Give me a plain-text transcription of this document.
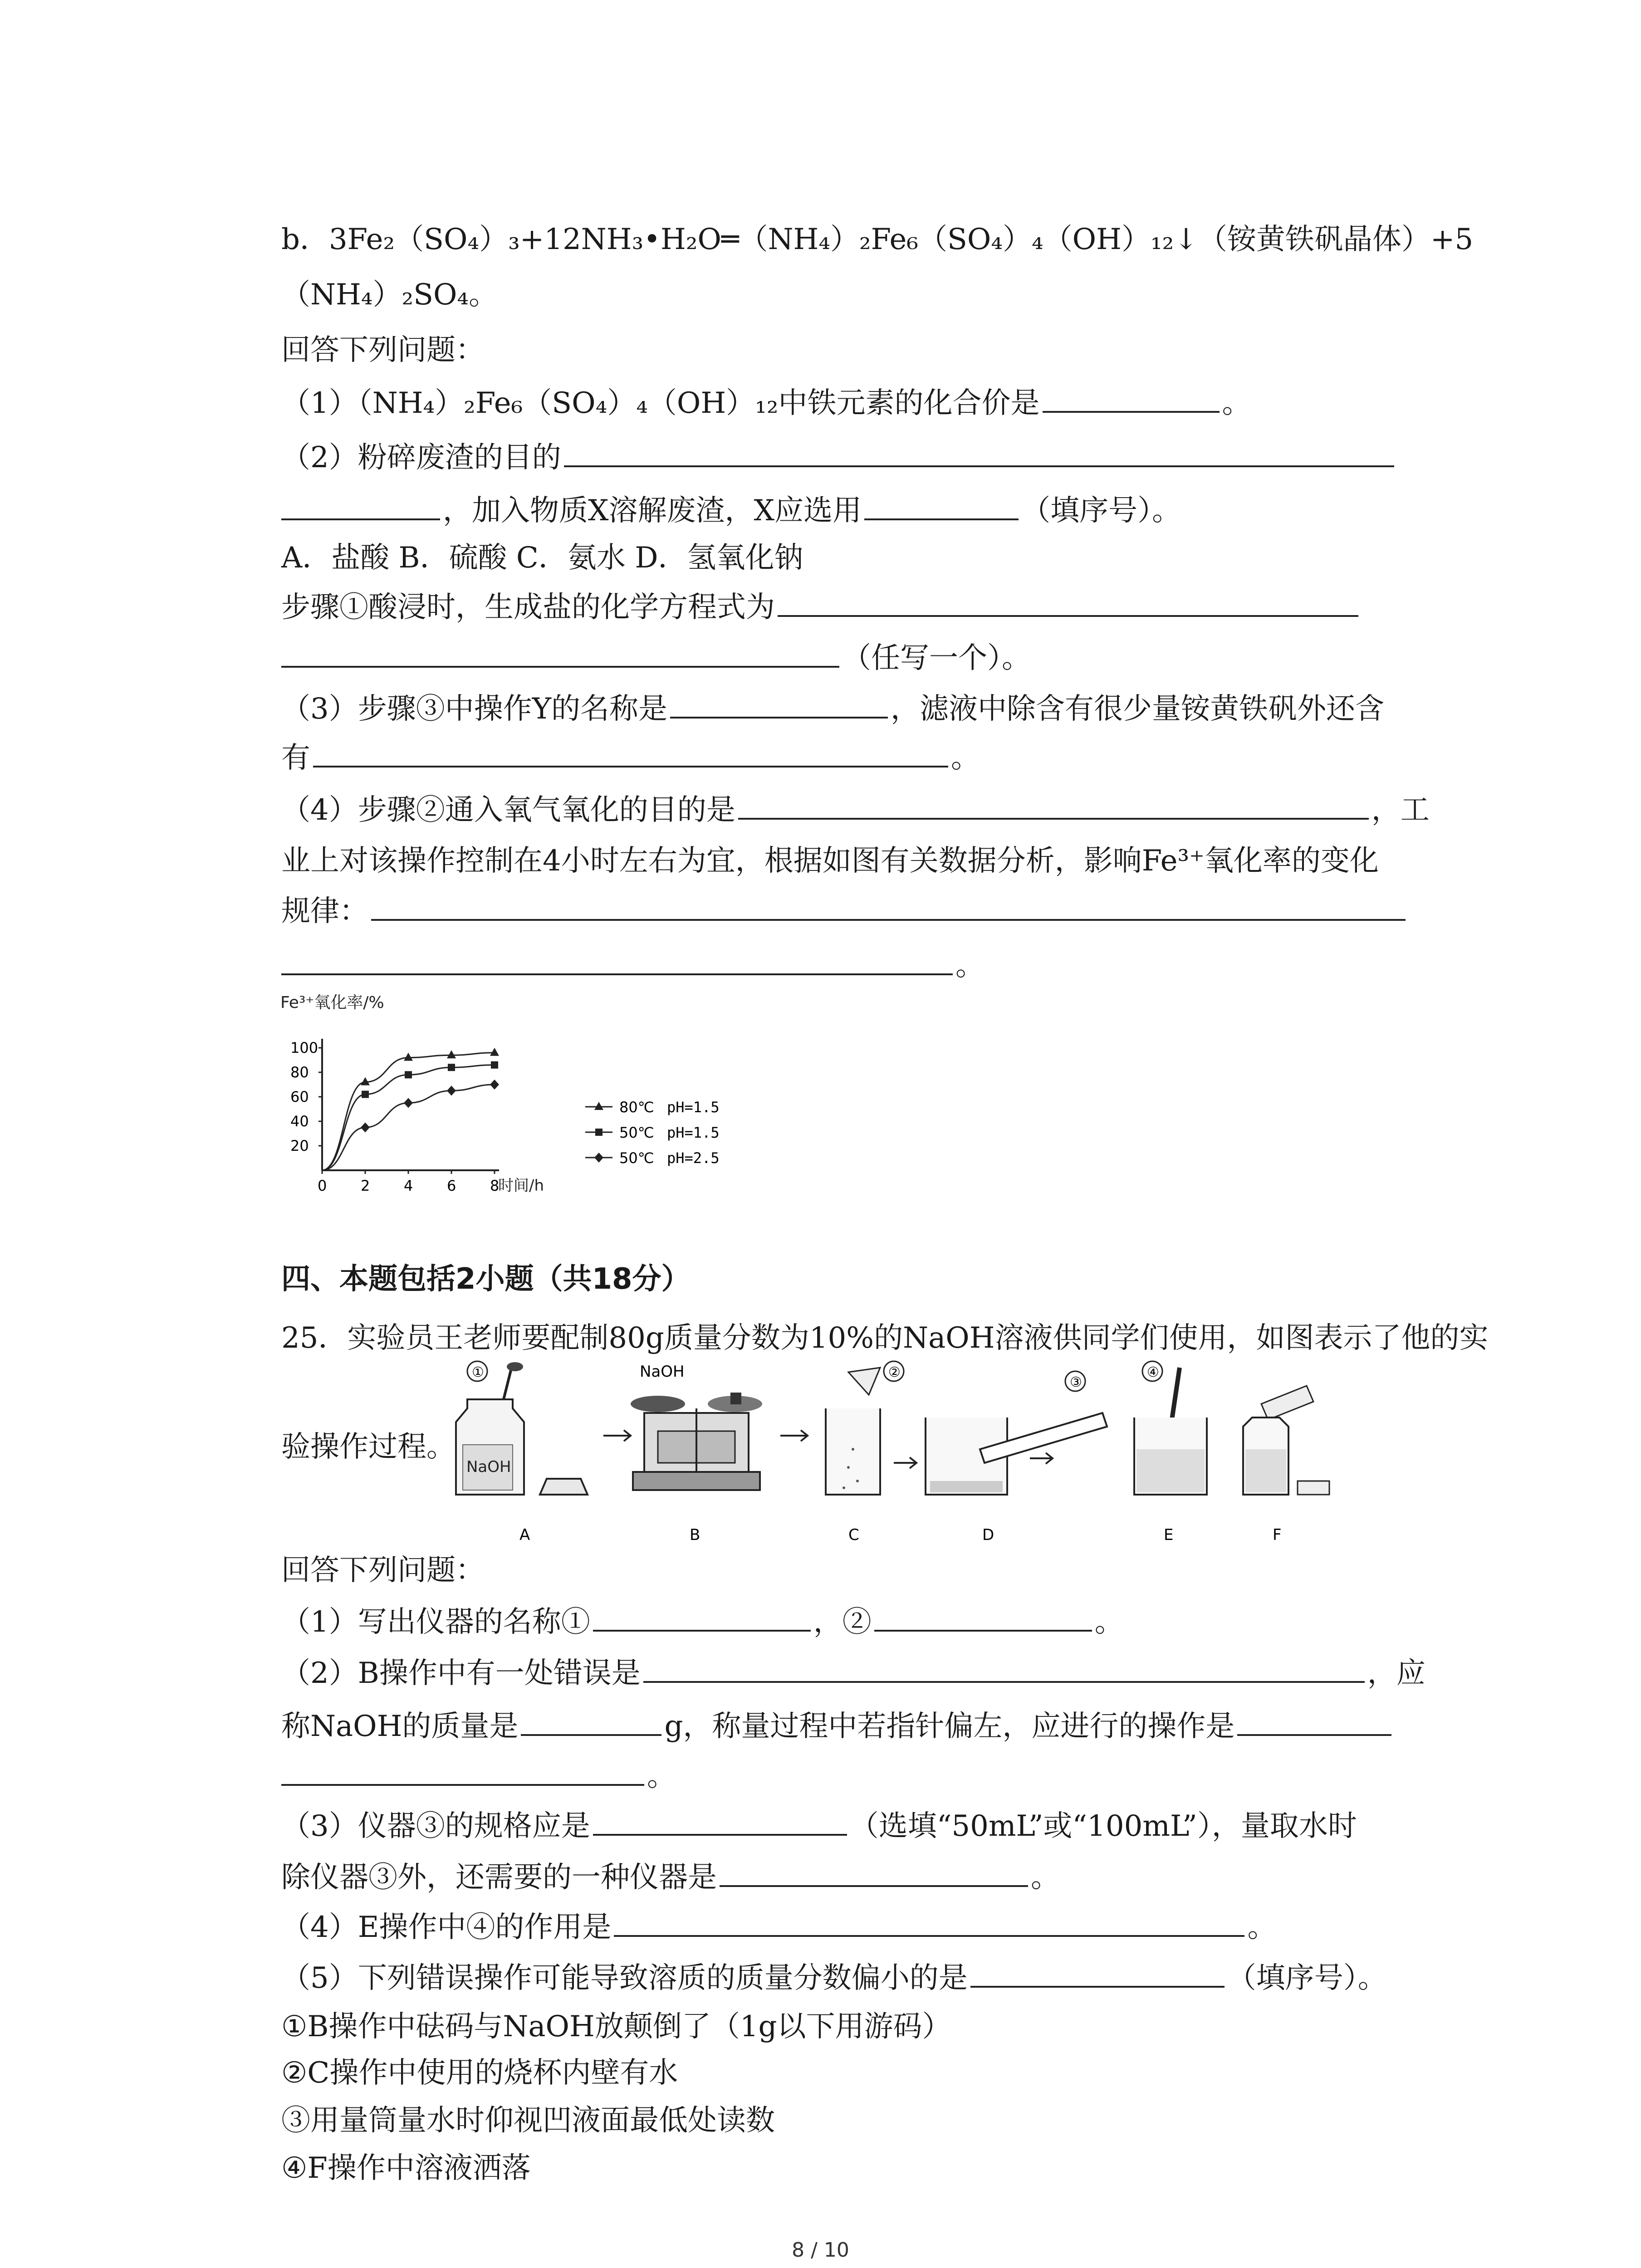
b．3Fe₂（SO₄）₃+12NH₃•H₂O═（NH₄）₂Fe₆（SO₄）₄（OH）₁₂↓（铵黄铁矾晶体）+5
（NH₄）₂SO₄。
回答下列问题：
（1）（NH₄）₂Fe₆（SO₄）₄（OH）₁₂中铁元素的化合价是	。
（2）粉碎废渣的目的
，加入物质X溶解废渣，X应选用	（填序号）。
A．盐酸 B．硫酸 C．氨水 D．氢氧化钠
步骤①酸浸时，生成盐的化学方程式为
（任写一个）。
（3）步骤③中操作Y的名称是	，滤液中除含有很少量铵黄铁矾外还含
有	。
（4）步骤②通入氧气氧化的目的是	，工
业上对该操作控制在4小时左右为宜，根据如图有关数据分析，影响Fe³⁺氧化率的变化
规律：
。
Fe³⁺氧化率/%
0 2 4 6 8
20
40
60
80
100
时间/h
80℃ pH=1.5
50℃ pH=1.5
50℃ pH=2.5
四、本题包括2小题（共18分）
25．实验员王老师要配制80g质量分数为10%的NaOH溶液供同学们使用，如图表示了他的实
验操作过程。
①
NaOH
NaOH	②
③
④
A	B	C	D	E	F
回答下列问题：
（1）写出仪器的名称①	，②	。
（2）B操作中有一处错误是	，应
称NaOH的质量是	g，称量过程中若指针偏左，应进行的操作是
。
（3）仪器③的规格应是	（选填“50mL”或“100mL”），量取水时
除仪器③外，还需要的一种仪器是	。
（4）E操作中④的作用是	。
（5）下列错误操作可能导致溶质的质量分数偏小的是	（填序号）。
①B操作中砝码与NaOH放颠倒了（1g以下用游码）
②C操作中使用的烧杯内壁有水
③用量筒量水时仰视凹液面最低处读数
④F操作中溶液洒落
8 / 10
